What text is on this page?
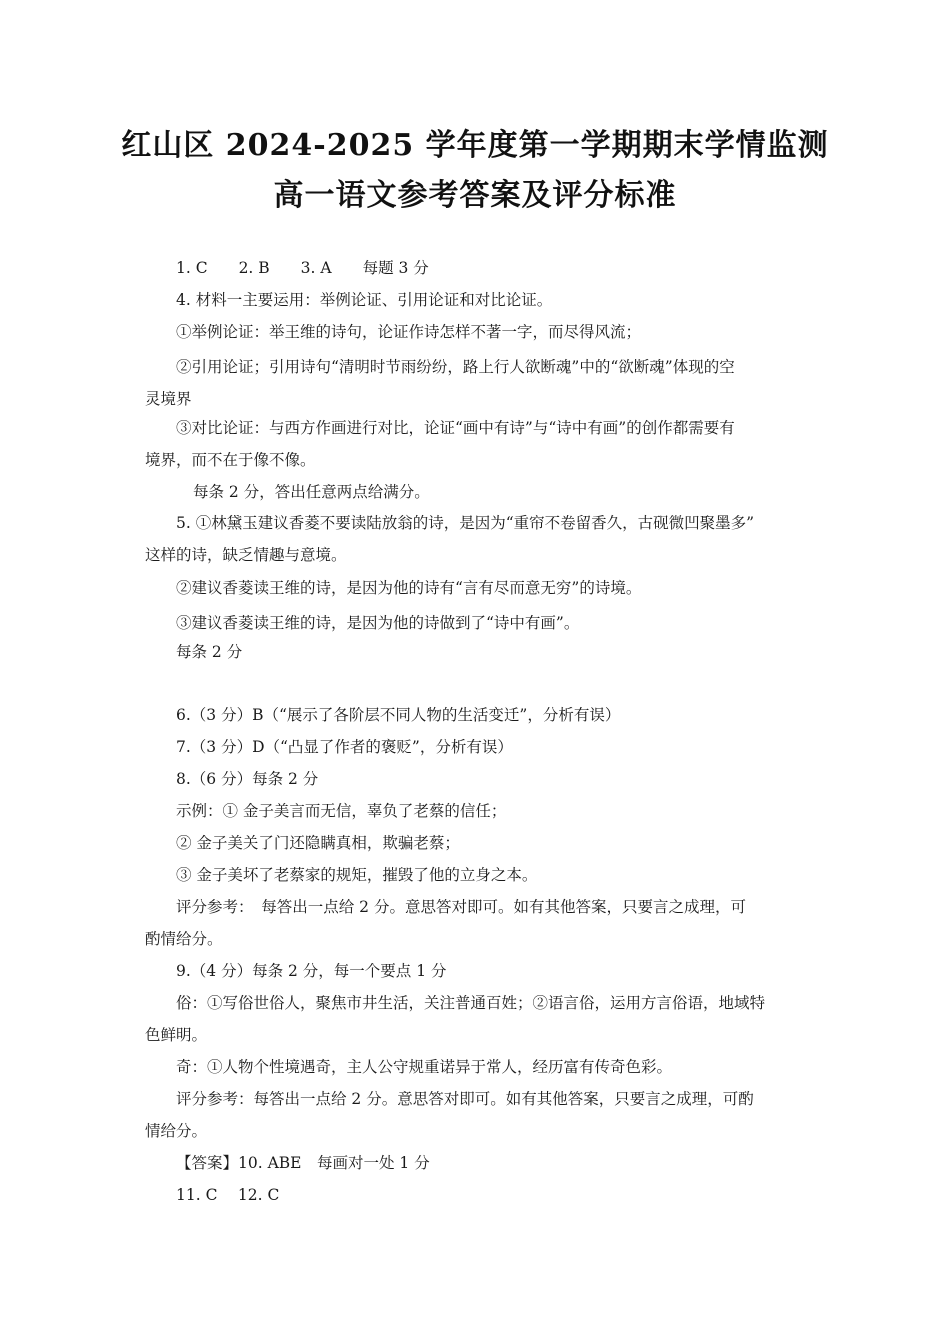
红山区 2024-2025 学年度第一学期期末学情监测
高一语文参考答案及评分标准
1. C　　2. B　　3. A　　每题 3 分
4. 材料一主要运用：举例论证、引用论证和对比论证。
①举例论证：举王维的诗句，论证作诗怎样不著一字，而尽得风流；
②引用论证；引用诗句“清明时节雨纷纷，路上行人欲断魂”中的“欲断魂”体现的空
灵境界
③对比论证：与西方作画进行对比，论证“画中有诗”与“诗中有画”的创作都需要有
境界，而不在于像不像。
每条 2 分，答出任意两点给满分。
5. ①林黛玉建议香菱不要读陆放翁的诗，是因为“重帘不卷留香久，古砚微凹聚墨多”
这样的诗，缺乏情趣与意境。
②建议香菱读王维的诗，是因为他的诗有“言有尽而意无穷”的诗境。
③建议香菱读王维的诗，是因为他的诗做到了“诗中有画”。
每条 2 分
6.（3 分）B（“展示了各阶层不同人物的生活变迁”，分析有误）
7.（3 分）D（“凸显了作者的褒贬”，分析有误）
8.（6 分）每条 2 分
示例：① 金子美言而无信，辜负了老蔡的信任；
② 金子美关了门还隐瞒真相，欺骗老蔡；
③ 金子美坏了老蔡家的规矩，摧毁了他的立身之本。
评分参考：　每答出一点给 2 分。意思答对即可。如有其他答案，只要言之成理，可
酌情给分。
9.（4 分）每条 2 分，每一个要点 1 分
俗：①写俗世俗人，聚焦市井生活，关注普通百姓；②语言俗，运用方言俗语，地域特
色鲜明。
奇：①人物个性境遇奇，主人公守规重诺异于常人，经历富有传奇色彩。
评分参考：每答出一点给 2 分。意思答对即可。如有其他答案，只要言之成理，可酌
情给分。
【答案】10. ABE　每画对一处 1 分
11. C　 12. C
